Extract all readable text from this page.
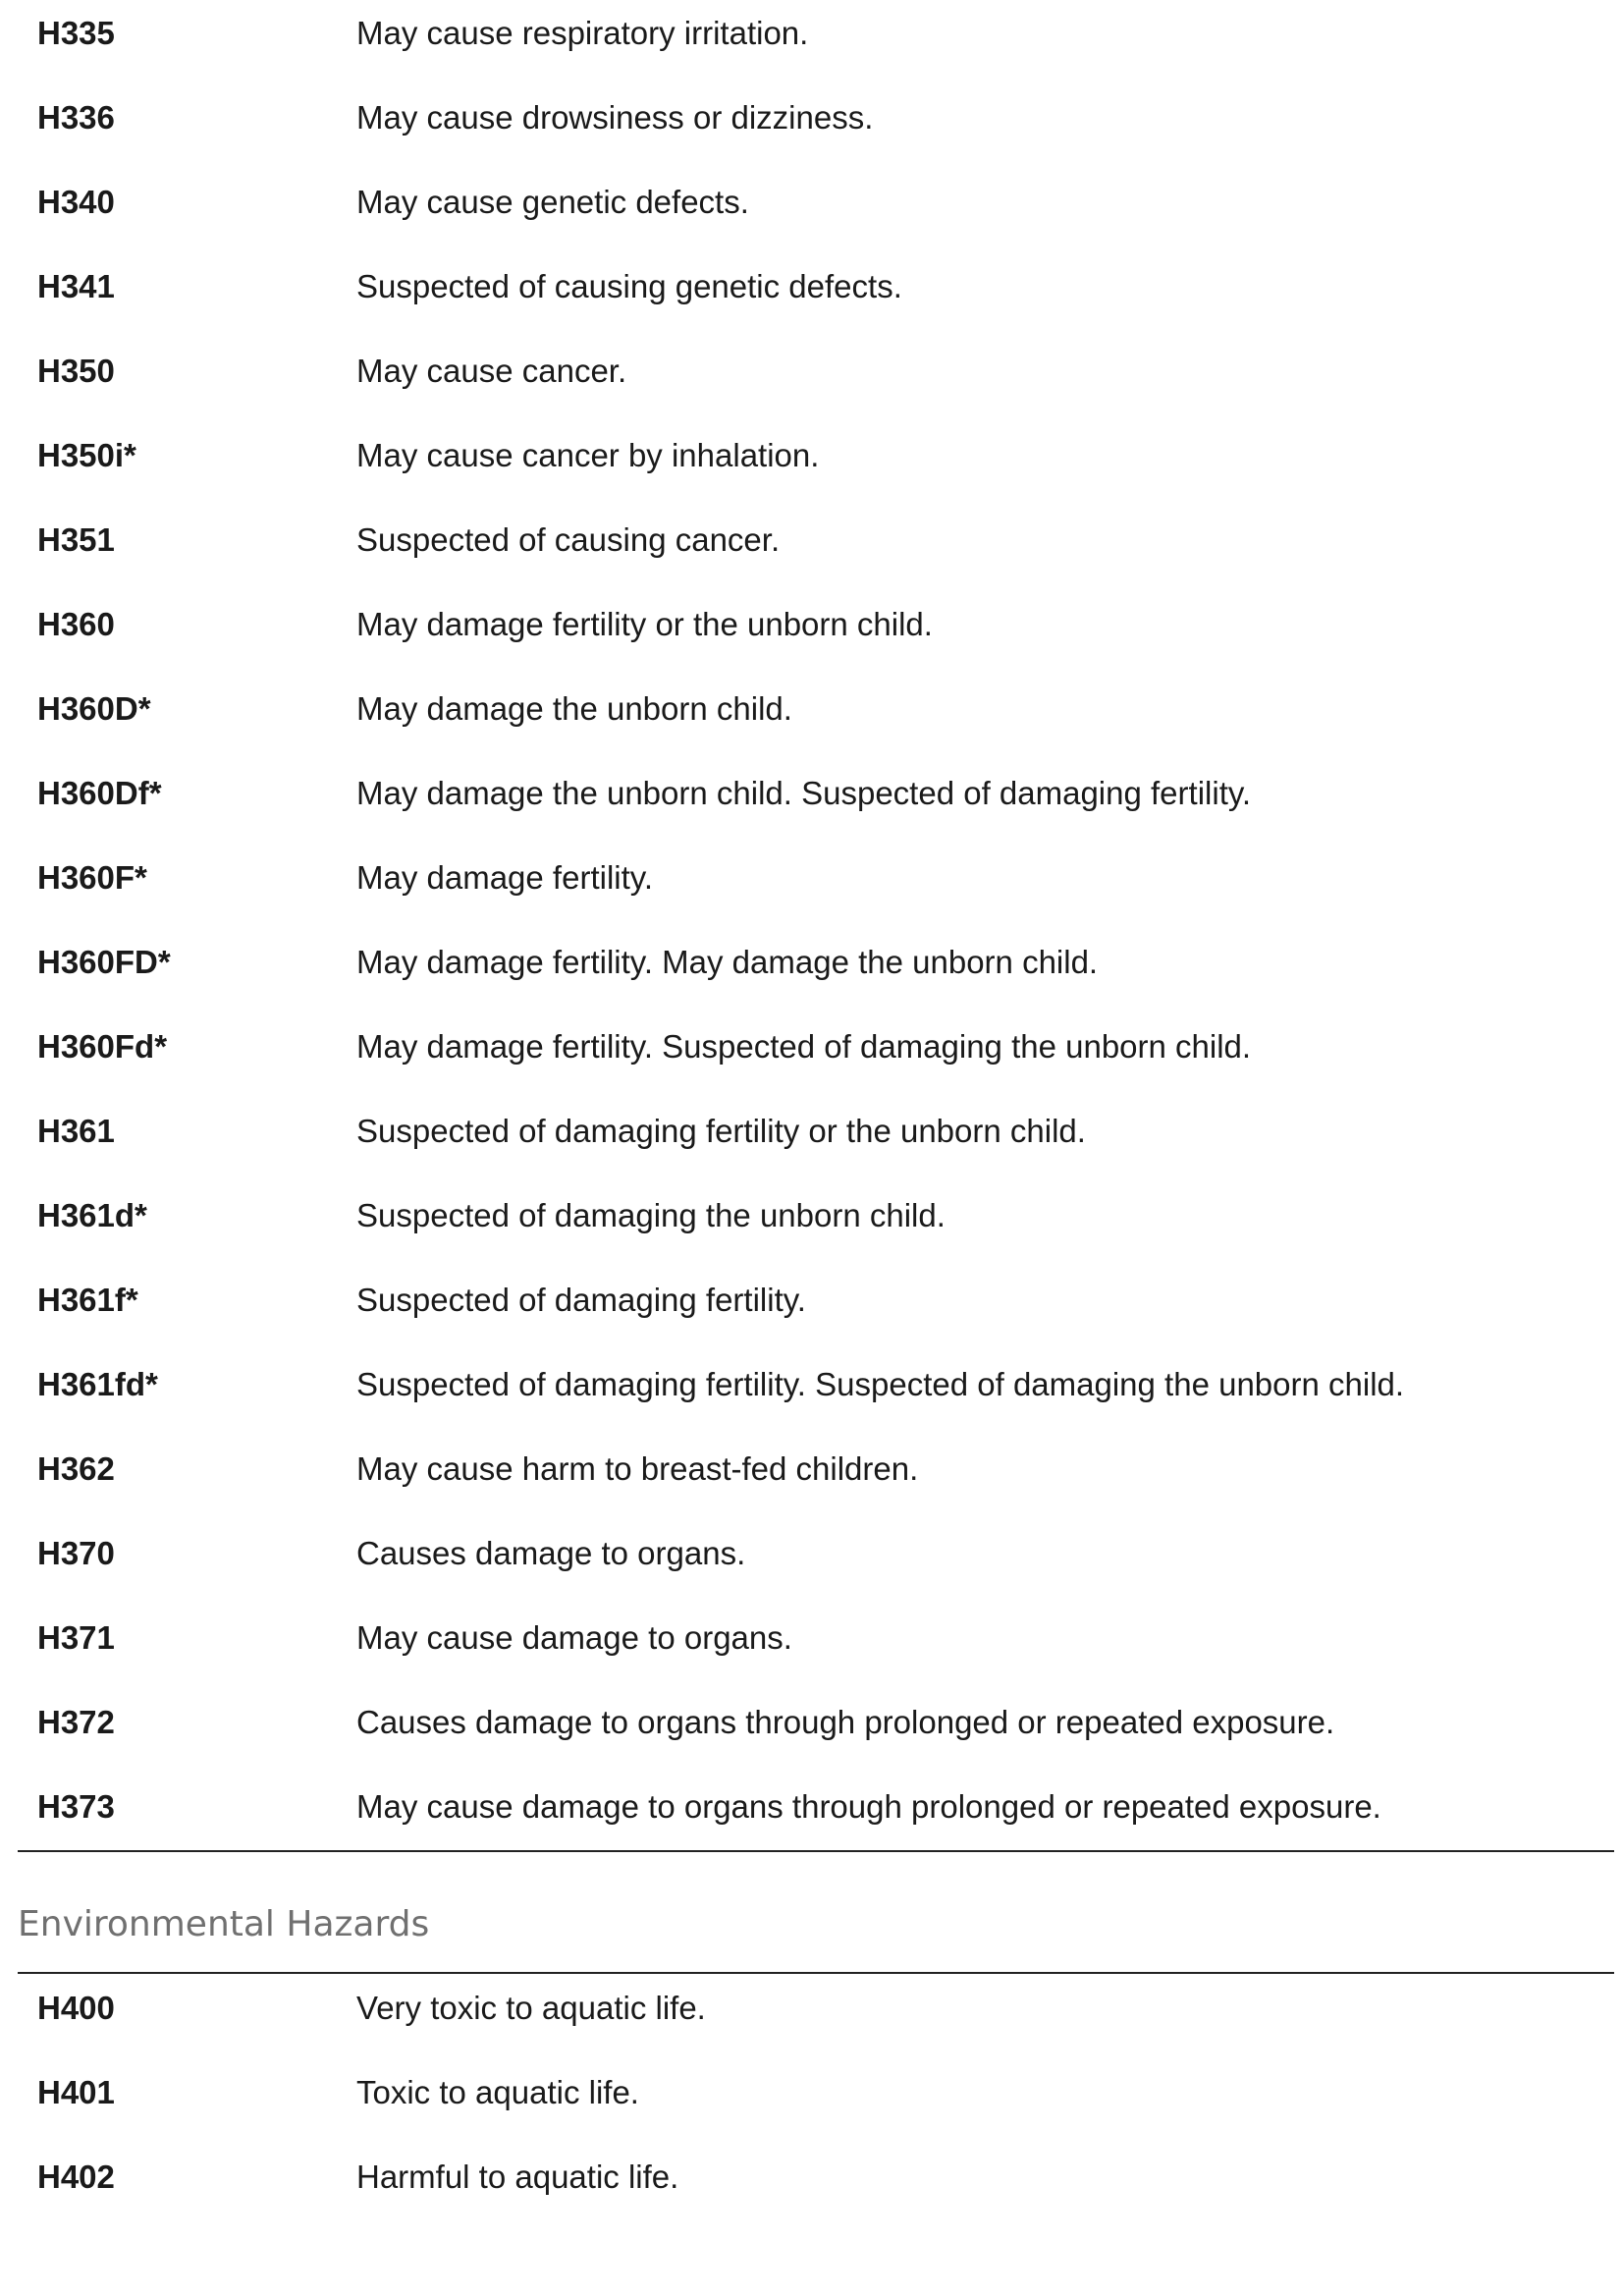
H335	May cause respiratory irritation.
H336	May cause drowsiness or dizziness.
H340	May cause genetic defects.
H341	Suspected of causing genetic defects.
H350	May cause cancer.
H350i*	May cause cancer by inhalation.
H351	Suspected of causing cancer.
H360	May damage fertility or the unborn child.
H360D*	May damage the unborn child.
H360Df*	May damage the unborn child. Suspected of damaging fertility.
H360F*	May damage fertility.
H360FD*	May damage fertility. May damage the unborn child.
H360Fd*	May damage fertility. Suspected of damaging the unborn child.
H361	Suspected of damaging fertility or the unborn child.
H361d*	Suspected of damaging the unborn child.
H361f*	Suspected of damaging fertility.
H361fd*	Suspected of damaging fertility. Suspected of damaging the unborn child.
H362	May cause harm to breast-fed children.
H370	Causes damage to organs.
H371	May cause damage to organs.
H372	Causes damage to organs through prolonged or repeated exposure.
H373	May cause damage to organs through prolonged or repeated exposure.
Environmental Hazards
H400	Very toxic to aquatic life.
H401	Toxic to aquatic life.
H402	Harmful to aquatic life.
